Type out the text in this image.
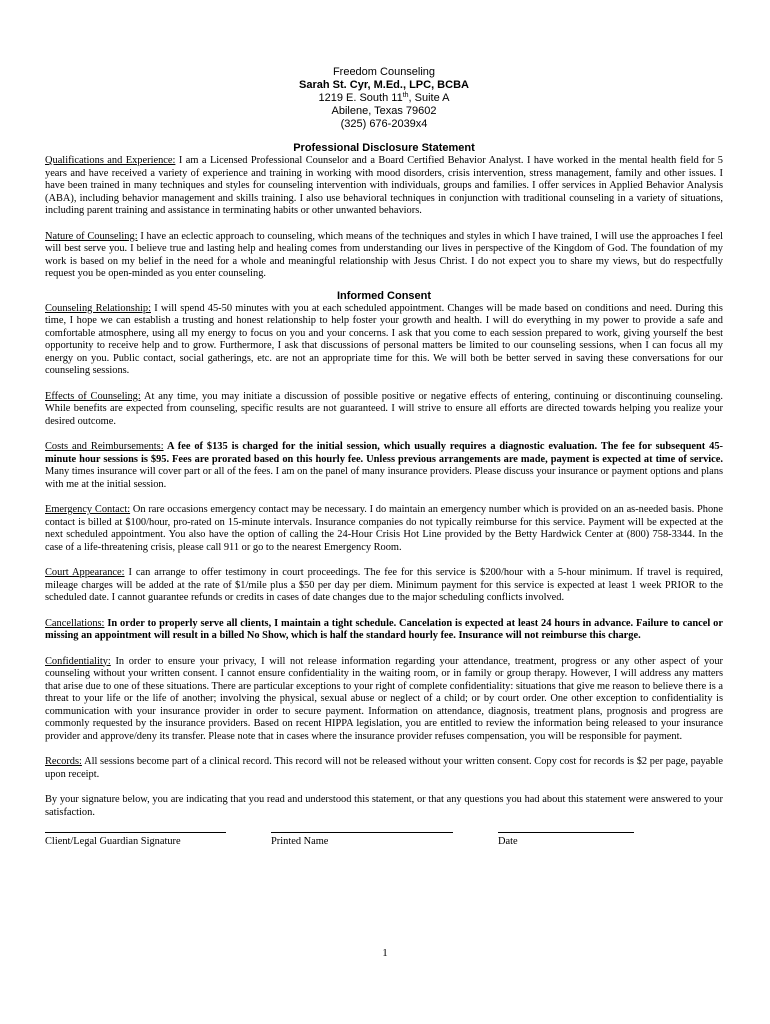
Freedom Counseling
Sarah St. Cyr, M.Ed., LPC, BCBA
1219 E. South 11th, Suite A
Abilene, Texas 79602
(325) 676-2039x4
Professional Disclosure Statement

Qualifications and Experience: I am a Licensed Professional Counselor and a Board Certified Behavior Analyst. I have worked in the mental health field for 5 years and have received a variety of experience and training in working with mood disorders, crisis intervention, stress management, family and other issues. I have been trained in many techniques and styles for counseling intervention with individuals, groups and families. I offer services in Applied Behavior Analysis (ABA), including behavior management and skills training. I also use behavioral techniques in conjunction with traditional counseling in a variety of situations, including parent training and assistance in terminating habits or other unwanted behaviors.

Nature of Counseling: I have an eclectic approach to counseling, which means of the techniques and styles in which I have trained, I will use the approaches I feel will best serve you. I believe true and lasting help and healing comes from understanding our lives in perspective of the Kingdom of God. The foundation of my work is based on my belief in the need for a whole and meaningful relationship with Jesus Christ. I do not expect you to share my views, but do respectfully request you be open-minded as you enter counseling.

Informed Consent

Counseling Relationship: I will spend 45-50 minutes with you at each scheduled appointment. Changes will be made based on conditions and need. During this time, I hope we can establish a trusting and honest relationship to help foster your growth and health. I will do everything in my power to provide a safe and comfortable atmosphere, using all my energy to focus on you and your concerns. I ask that you come to each session prepared to work, giving yourself the best opportunity to receive help and to grow. Furthermore, I ask that discussions of personal matters be limited to our counseling sessions, when I can focus all my energy on you. Public contact, social gatherings, etc. are not an appropriate time for this. We will both be better served in saving these conversations for our counseling sessions.

Effects of Counseling: At any time, you may initiate a discussion of possible positive or negative effects of entering, continuing or discontinuing counseling. While benefits are expected from counseling, specific results are not guaranteed. I will strive to ensure all efforts are directed towards helping you realize your desired outcome.

Costs and Reimbursements: A fee of $135 is charged for the initial session, which usually requires a diagnostic evaluation. The fee for subsequent 45-minute hour sessions is $95. Fees are prorated based on this hourly fee. Unless previous arrangements are made, payment is expected at time of service. Many times insurance will cover part or all of the fees. I am on the panel of many insurance providers. Please discuss your insurance or payment options and plans with me at the initial session.

Emergency Contact: On rare occasions emergency contact may be necessary. I do maintain an emergency number which is provided on an as-needed basis. Phone contact is billed at $100/hour, pro-rated on 15-minute intervals. Insurance companies do not typically reimburse for this service. Payment will be expected at the next scheduled appointment. You also have the option of calling the 24-Hour Crisis Hot Line provided by the Betty Hardwick Center at (800) 758-3344. In the case of a life-threatening crisis, please call 911 or go to the nearest Emergency Room.

Court Appearance: I can arrange to offer testimony in court proceedings. The fee for this service is $200/hour with a 5-hour minimum. If travel is required, mileage charges will be added at the rate of $1/mile plus a $50 per day per diem. Minimum payment for this service is expected at least 1 week PRIOR to the scheduled date. I cannot guarantee refunds or credits in cases of date changes due to the major scheduling conflicts involved.

Cancellations: In order to properly serve all clients, I maintain a tight schedule. Cancelation is expected at least 24 hours in advance. Failure to cancel or missing an appointment will result in a billed No Show, which is half the standard hourly fee. Insurance will not reimburse this charge.

Confidentiality: In order to ensure your privacy, I will not release information regarding your attendance, treatment, progress or any other aspect of your counseling without your written consent. I cannot ensure confidentiality in the waiting room, or in family or group therapy. However, I will address any matters that arise due to one of these situations. There are particular exceptions to your right of complete confidentiality: situations that give me reason to believe there is a threat to your life or the life of another; involving the physical, sexual abuse or neglect of a child; or by court order. One other exception to confidentiality is communication with your insurance provider in order to secure payment. Information on attendance, diagnosis, treatment plans, prognosis and progress are commonly requested by the insurance providers. Based on recent HIPPA legislation, you are entitled to review the information being released to your insurance provider and approve/deny its transfer. Please note that in cases where the insurance provider refuses compensation, you will be responsible for payment.

Records: All sessions become part of a clinical record. This record will not be released without your written consent. Copy cost for records is $2 per page, payable upon receipt.

By your signature below, you are indicating that you read and understood this statement, or that any questions you had about this statement were answered to your satisfaction.

Client/Legal Guardian Signature	Printed Name	Date
1
